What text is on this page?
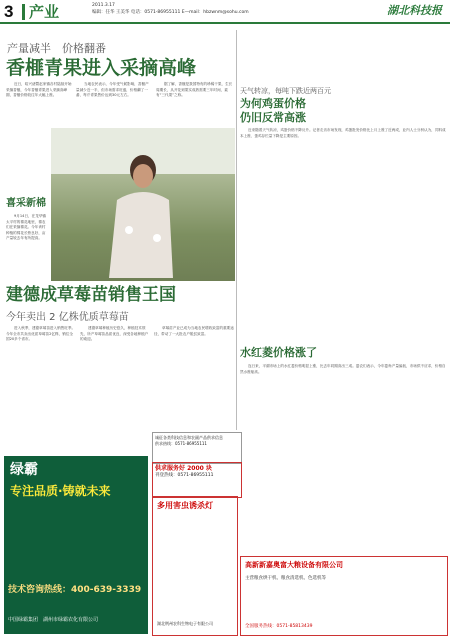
3 产业	2011.3.17
编辑：任华 王美华 电话：0571-86955111 E—mail：hbzwnm@sohu.com	湖北科技报
产量减半　价格翻番
香榧青果进入采摘高峰

近日，绍兴诸暨赵家镇各村陆续开始采摘香榧，今年香榧青果进入采摘高峰期，香榧价格较往年大幅上涨。

当地农民表示，今年受气候影响，香榧产量减少近一半，但市场需求旺盛，价格翻了一番，每斤青果售价达到30元左右。

据了解，香榧是我国特有的珍稀干果，生长周期长，从开花到果实成熟需要三年时间，素有“三代果”之称。

喜采新棉

9月14日，在龙华镇太平村的棉花地里，棉农们在采摘棉花。今年该村种植的棉花长势良好，亩产量较去年有所提高。

建德成草莓苗销售王国
今年卖出 2 亿株优质草莓苗

进入秋季，建德草莓苗进入销售旺季。今年全市共卖出优质草莓苗2亿株，销往全国20多个省市。

建德草莓种植历史悠久，种植技术领先，所产草莓苗品质优良，深受各地种植户的欢迎。

草莓苗产业已成为当地农民增收致富的重要途径，带动了一大批农户脱贫致富。

天气转凉，每吨下跌近两百元
为何鸡蛋价格
仍旧反常高涨

近来随着天气转凉，鸡蛋价格不降反升。记者走访市场发现，鸡蛋批发价格比上月上涨了近两成，业内人士分析认为，饲料成本上涨、蛋鸡存栏量下降是主要原因。

水红菱价格涨了

连日来，平湖市场上的水红菱价格明显上涨，比去年同期高出三成。菱农们表示，今年菱角产量偏低，市场供不应求，价格自然水涨船高。

诚征各类科技信息和农副产品供求信息
供求热线：0571-86955111
绿霸
专注品质·铸就未来
技术咨询热线：400-639-3339
中国绿霸集团　湖州市绿霸农化有限公司
供求服务好 2000 块
刊登热线：0571-86955111
多用害虫诱杀灯
湖北荆州农科生物电子有限公司
高新新嘉奥富大粮设备有限公司
主营粮食烘干机、粮食清选机、色选机等
全国服务热线：0571-85813439
